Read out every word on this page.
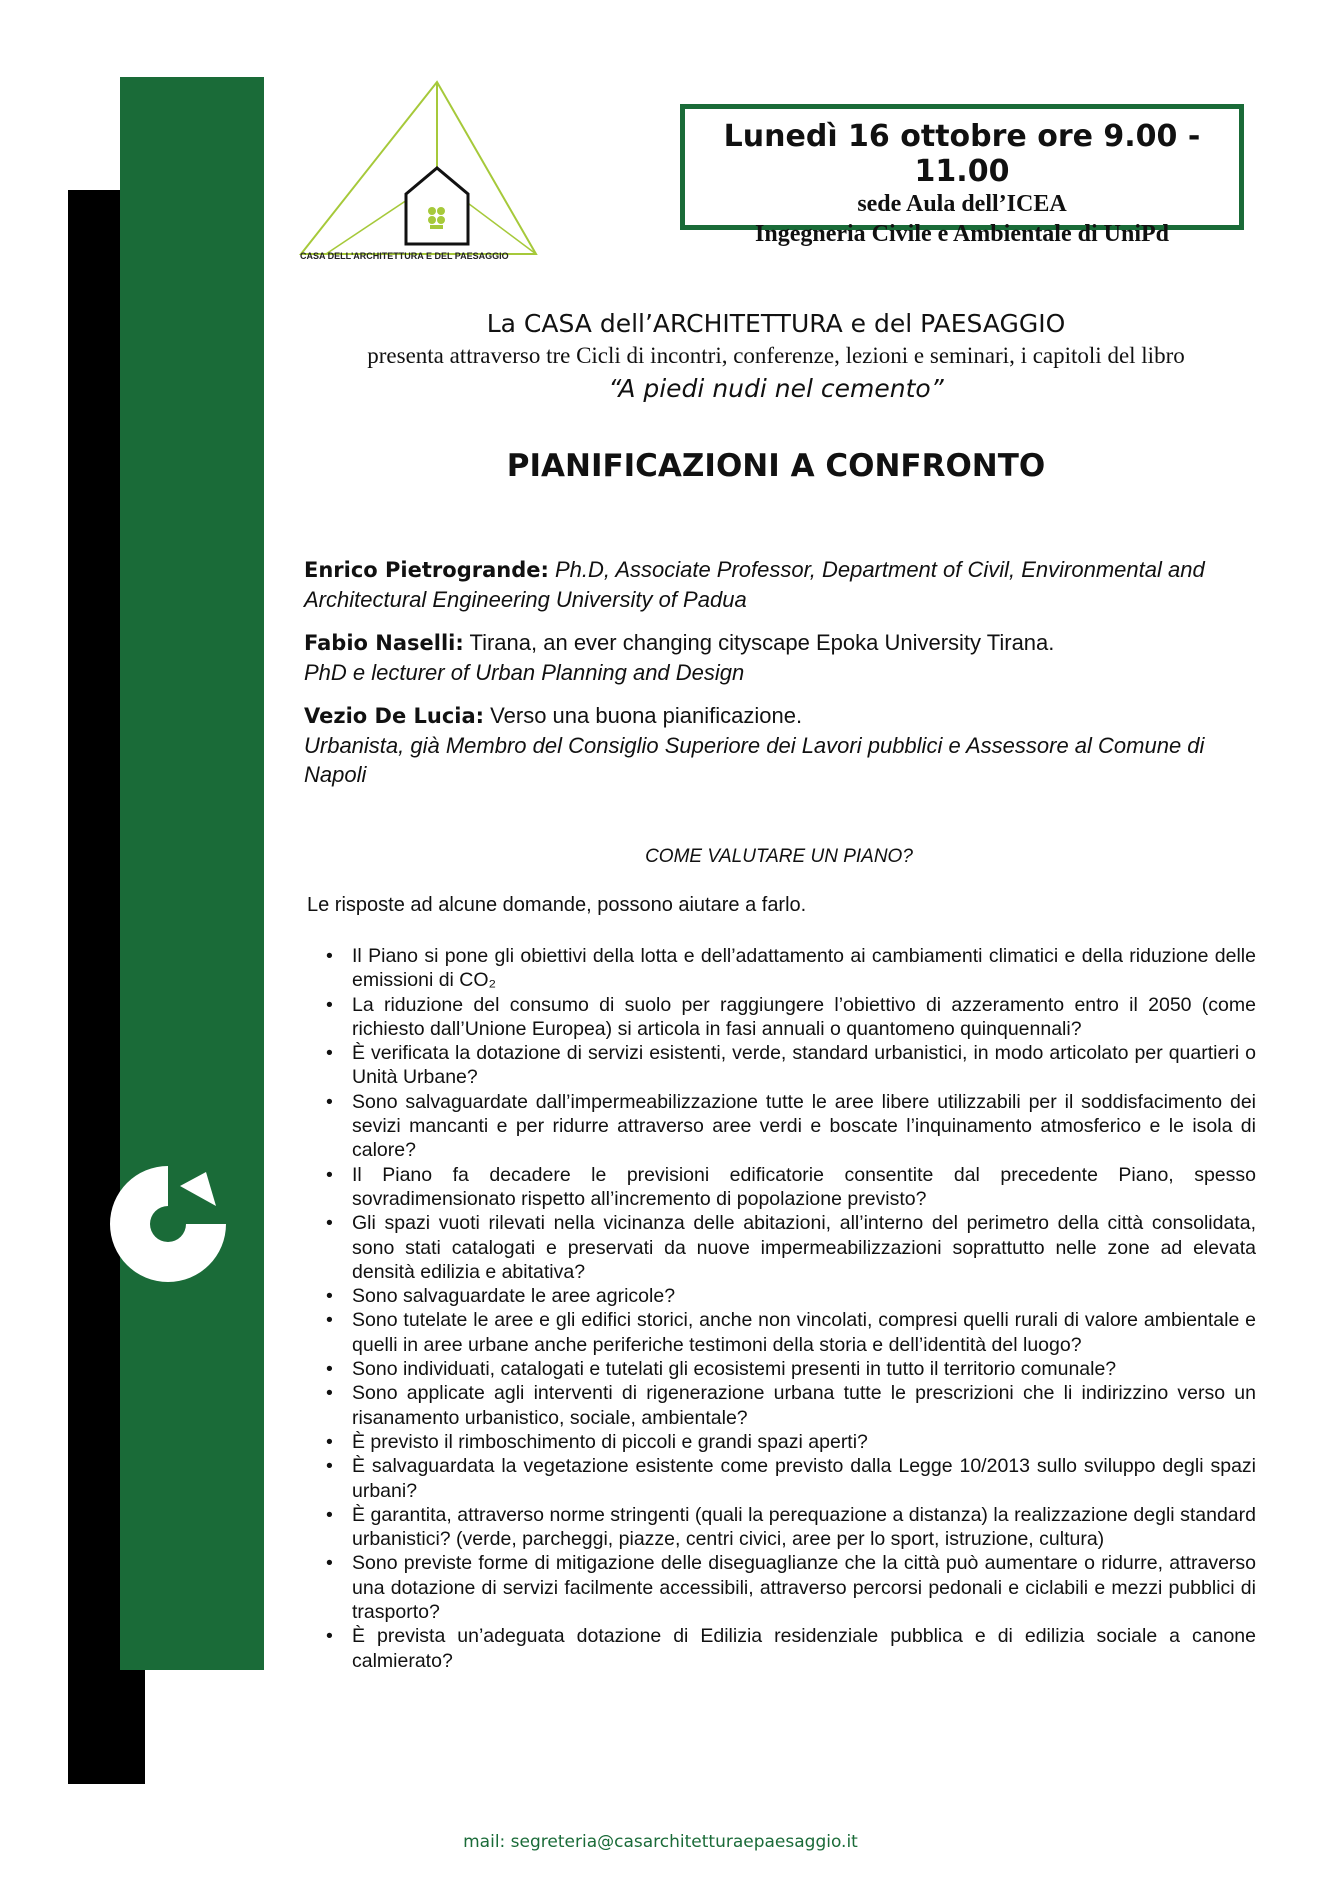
CASA DELL'ARCHITETTURA E DEL PAESAGGIO
Lunedì 16 ottobre ore 9.00 - 11.00
sede Aula dell’ICEA
Ingegneria Civile e Ambientale di UniPd
La CASA dell’ARCHITETTURA e del PAESAGGIO
presenta attraverso tre Cicli di incontri, conferenze, lezioni e seminari, i capitoli del libro
“A piedi nudi nel cemento”
PIANIFICAZIONI A CONFRONTO
Enrico Pietrogrande: Ph.D, Associate Professor, Department of Civil, Environmental and Architectural Engineering University of Padua
Fabio Naselli: Tirana, an ever changing cityscape Epoka University Tirana.
PhD e lecturer of Urban Planning and Design
Vezio De Lucia: Verso una buona pianificazione.
Urbanista, già Membro del Consiglio Superiore dei Lavori pubblici e Assessore al Comune di Napoli
COME VALUTARE UN PIANO?
Le risposte ad alcune domande, possono aiutare a farlo.
• Il Piano si pone gli obiettivi della lotta e dell’adattamento ai cambiamenti climatici e della riduzione delle emissioni di CO₂
• La riduzione del consumo di suolo per raggiungere l’obiettivo di azzeramento entro il 2050 (come richiesto dall’Unione Europea) si articola in fasi annuali o quantomeno quinquennali?
• È verificata la dotazione di servizi esistenti, verde, standard urbanistici, in modo articolato per quartieri o Unità Urbane?
• Sono salvaguardate dall’impermeabilizzazione tutte le aree libere utilizzabili per il soddisfacimento dei sevizi mancanti e per ridurre attraverso aree verdi e boscate l’inquinamento atmosferico e le isola di calore?
• Il Piano fa decadere le previsioni edificatorie consentite dal precedente Piano, spesso sovradimensionato rispetto all’incremento di popolazione previsto?
• Gli spazi vuoti rilevati nella vicinanza delle abitazioni, all’interno del perimetro della città consolidata, sono stati catalogati e preservati da nuove impermeabilizzazioni soprattutto nelle zone ad elevata densità edilizia e abitativa?
• Sono salvaguardate le aree agricole?
• Sono tutelate le aree e gli edifici storici, anche non vincolati, compresi quelli rurali di valore ambientale e quelli in aree urbane anche periferiche testimoni della storia e dell’identità del luogo?
• Sono individuati, catalogati e tutelati gli ecosistemi presenti in tutto il territorio comunale?
• Sono applicate agli interventi di rigenerazione urbana tutte le prescrizioni che li indirizzino verso un risanamento urbanistico, sociale, ambientale?
• È previsto il rimboschimento di piccoli e grandi spazi aperti?
• È salvaguardata la vegetazione esistente come previsto dalla Legge 10/2013 sullo sviluppo degli spazi urbani?
• È garantita, attraverso norme stringenti (quali la perequazione a distanza) la realizzazione degli standard urbanistici? (verde, parcheggi, piazze, centri civici, aree per lo sport, istruzione, cultura)
• Sono previste forme di mitigazione delle diseguaglianze che la città può aumentare o ridurre, attraverso una dotazione di servizi facilmente accessibili, attraverso percorsi pedonali e ciclabili e mezzi pubblici di trasporto?
• È prevista un’adeguata dotazione di Edilizia residenziale pubblica e di edilizia sociale a canone calmierato?
mail: segreteria@casarchitetturaepaesaggio.it
